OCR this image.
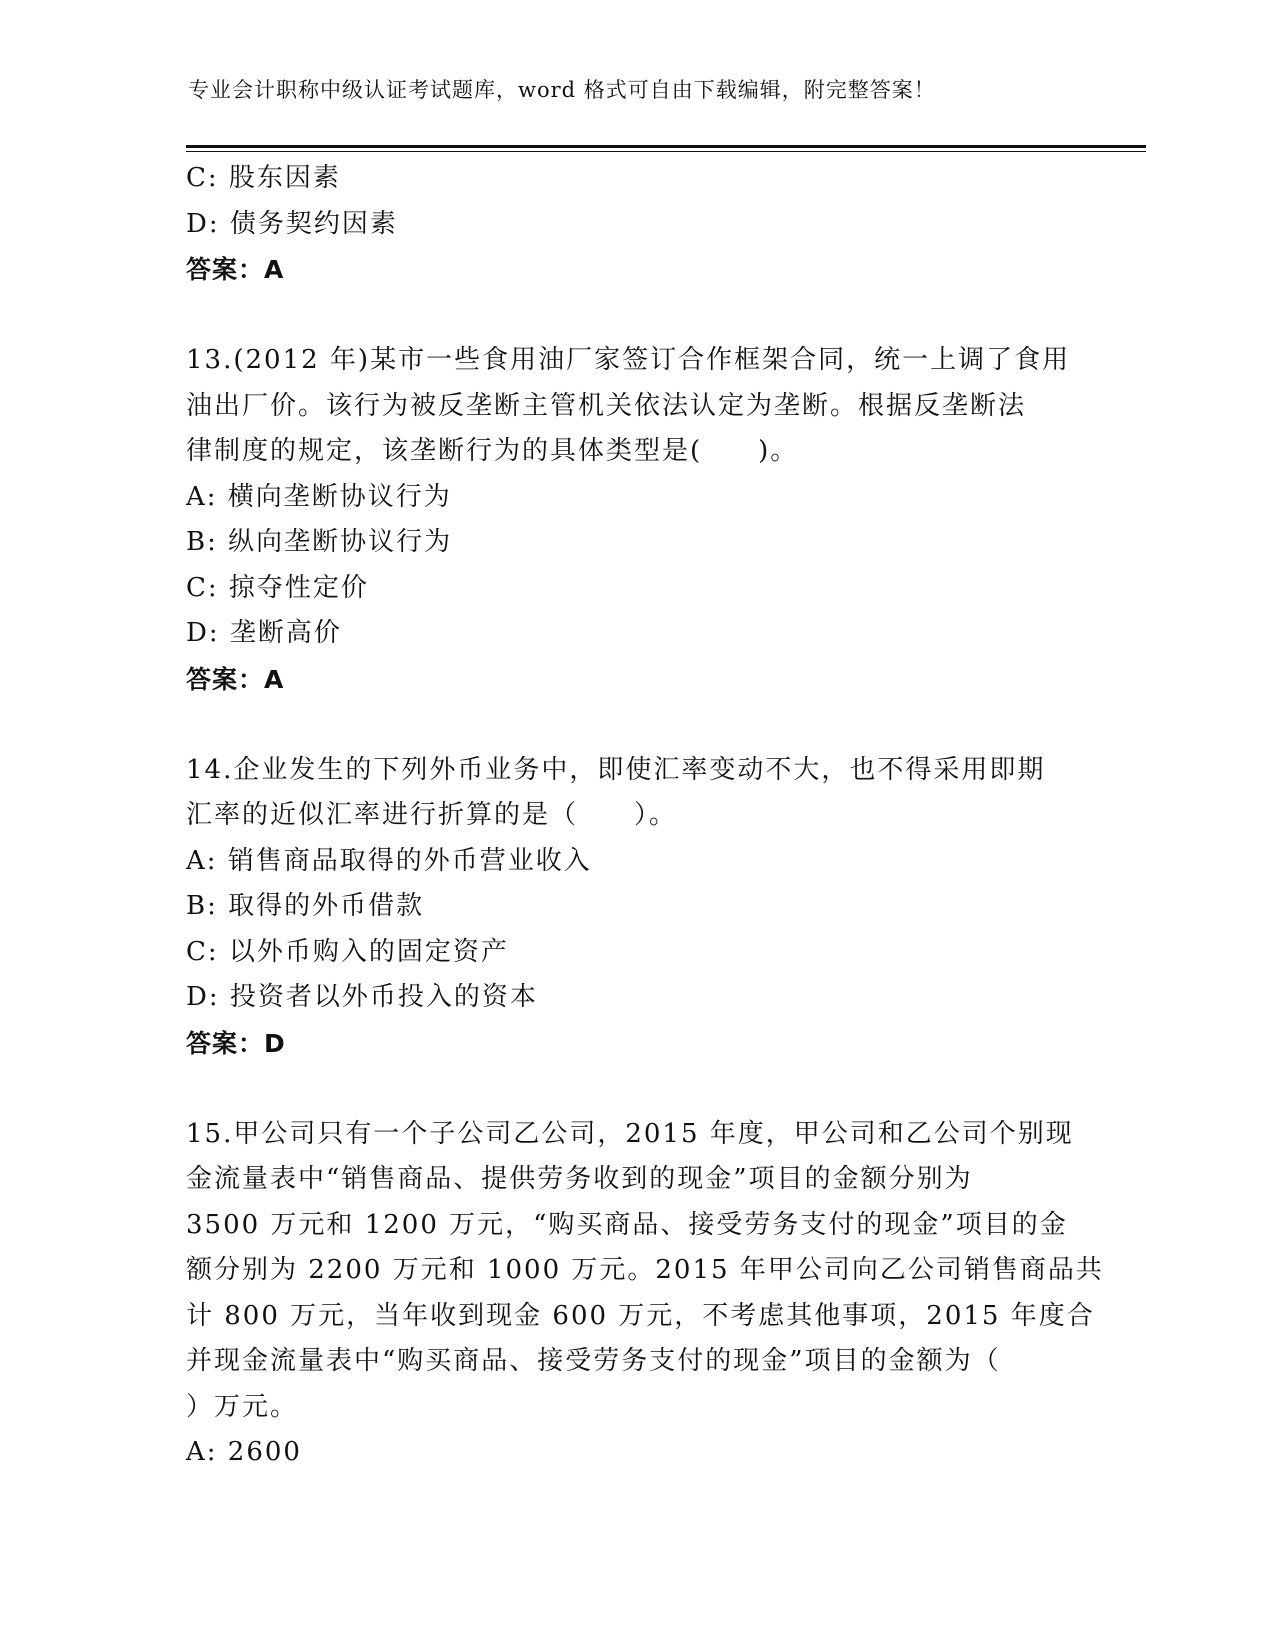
专业会计职称中级认证考试题库，word 格式可自由下载编辑，附完整答案！
C: 股东因素
D: 债务契约因素
答案：A
13.(2012 年)某市一些食用油厂家签订合作框架合同，统一上调了食用
油出厂价。该行为被反垄断主管机关依法认定为垄断。根据反垄断法
律制度的规定，该垄断行为的具体类型是(　　)。
A: 横向垄断协议行为
B: 纵向垄断协议行为
C: 掠夺性定价
D: 垄断高价
答案：A
14.企业发生的下列外币业务中，即使汇率变动不大，也不得采用即期
汇率的近似汇率进行折算的是（　　）。
A: 销售商品取得的外币营业收入
B: 取得的外币借款
C: 以外币购入的固定资产
D: 投资者以外币投入的资本
答案：D
15.甲公司只有一个子公司乙公司，2015 年度，甲公司和乙公司个别现
金流量表中“销售商品、提供劳务收到的现金”项目的金额分别为
3500 万元和 1200 万元，“购买商品、接受劳务支付的现金”项目的金
额分别为 2200 万元和 1000 万元。2015 年甲公司向乙公司销售商品共
计 800 万元，当年收到现金 600 万元，不考虑其他事项，2015 年度合
并现金流量表中“购买商品、接受劳务支付的现金”项目的金额为（
）万元。
A: 2600
